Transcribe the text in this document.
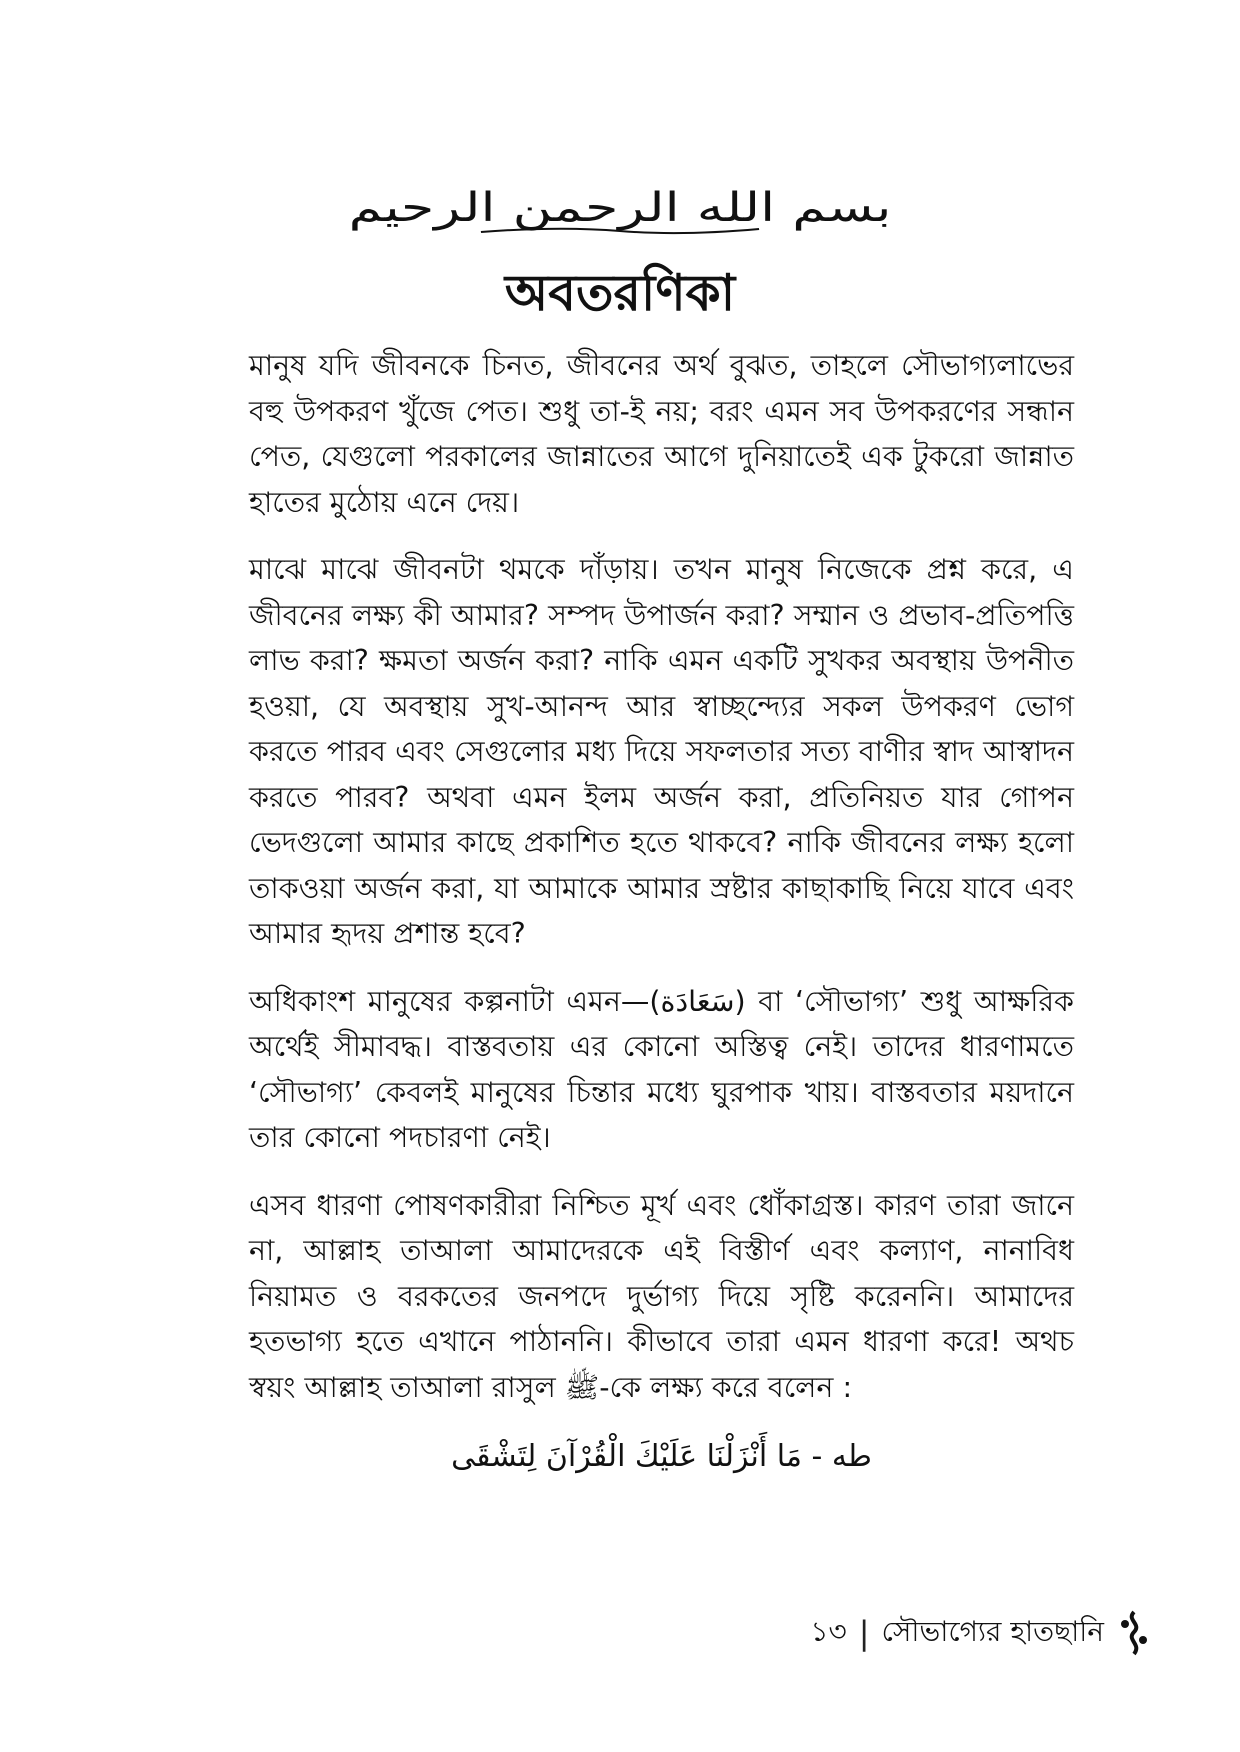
بسم الله الرحمن الرحيم
অবতরণিকা

মানুষ যদি জীবনকে চিনত, জীবনের অর্থ বুঝত, তাহলে সৌভাগ্যলাভের বহু উপকরণ খুঁজে পেত। শুধু তা-ই নয়; বরং এমন সব উপকরণের সন্ধান পেত, যেগুলো পরকালের জান্নাতের আগে দুনিয়াতেই এক টুকরো জান্নাত হাতের মুঠোয় এনে দেয়।

মাঝে মাঝে জীবনটা থমকে দাঁড়ায়। তখন মানুষ নিজেকে প্রশ্ন করে, এ জীবনের লক্ষ্য কী আমার? সম্পদ উপার্জন করা? সম্মান ও প্রভাব-প্রতিপত্তি লাভ করা? ক্ষমতা অর্জন করা? নাকি এমন একটি সুখকর অবস্থায় উপনীত হওয়া, যে অবস্থায় সুখ-আনন্দ আর স্বাচ্ছন্দ্যের সকল উপকরণ ভোগ করতে পারব এবং সেগুলোর মধ্য দিয়ে সফলতার সত্য বাণীর স্বাদ আস্বাদন করতে পারব? অথবা এমন ইলম অর্জন করা, প্রতিনিয়ত যার গোপন ভেদগুলো আমার কাছে প্রকাশিত হতে থাকবে? নাকি জীবনের লক্ষ্য হলো তাকওয়া অর্জন করা, যা আমাকে আমার স্রষ্টার কাছাকাছি নিয়ে যাবে এবং আমার হৃদয় প্রশান্ত হবে?

অধিকাংশ মানুষের কল্পনাটা এমন—(سَعَادَة) বা ‘সৌভাগ্য’ শুধু আক্ষরিক অর্থেই সীমাবদ্ধ। বাস্তবতায় এর কোনো অস্তিত্ব নেই। তাদের ধারণামতে ‘সৌভাগ্য’ কেবলই মানুষের চিন্তার মধ্যে ঘুরপাক খায়। বাস্তবতার ময়দানে তার কোনো পদচারণা নেই।

এসব ধারণা পোষণকারীরা নিশ্চিত মূর্খ এবং ধোঁকাগ্রস্ত। কারণ তারা জানে না, আল্লাহ তাআলা আমাদেরকে এই বিস্তীর্ণ এবং কল্যাণ, নানাবিধ নিয়ামত ও বরকতের জনপদে দুর্ভাগ্য দিয়ে সৃষ্টি করেননি। আমাদের হতভাগ্য হতে এখানে পাঠাননি। কীভাবে তারা এমন ধারণা করে! অথচ স্বয়ং আল্লাহ তাআলা রাসুল ﷺ-কে লক্ষ্য করে বলেন :

طه - مَا أَنْزَلْنَا عَلَيْكَ الْقُرْآنَ لِتَشْقَى
১৩ | সৌভাগ্যের হাতছানি
